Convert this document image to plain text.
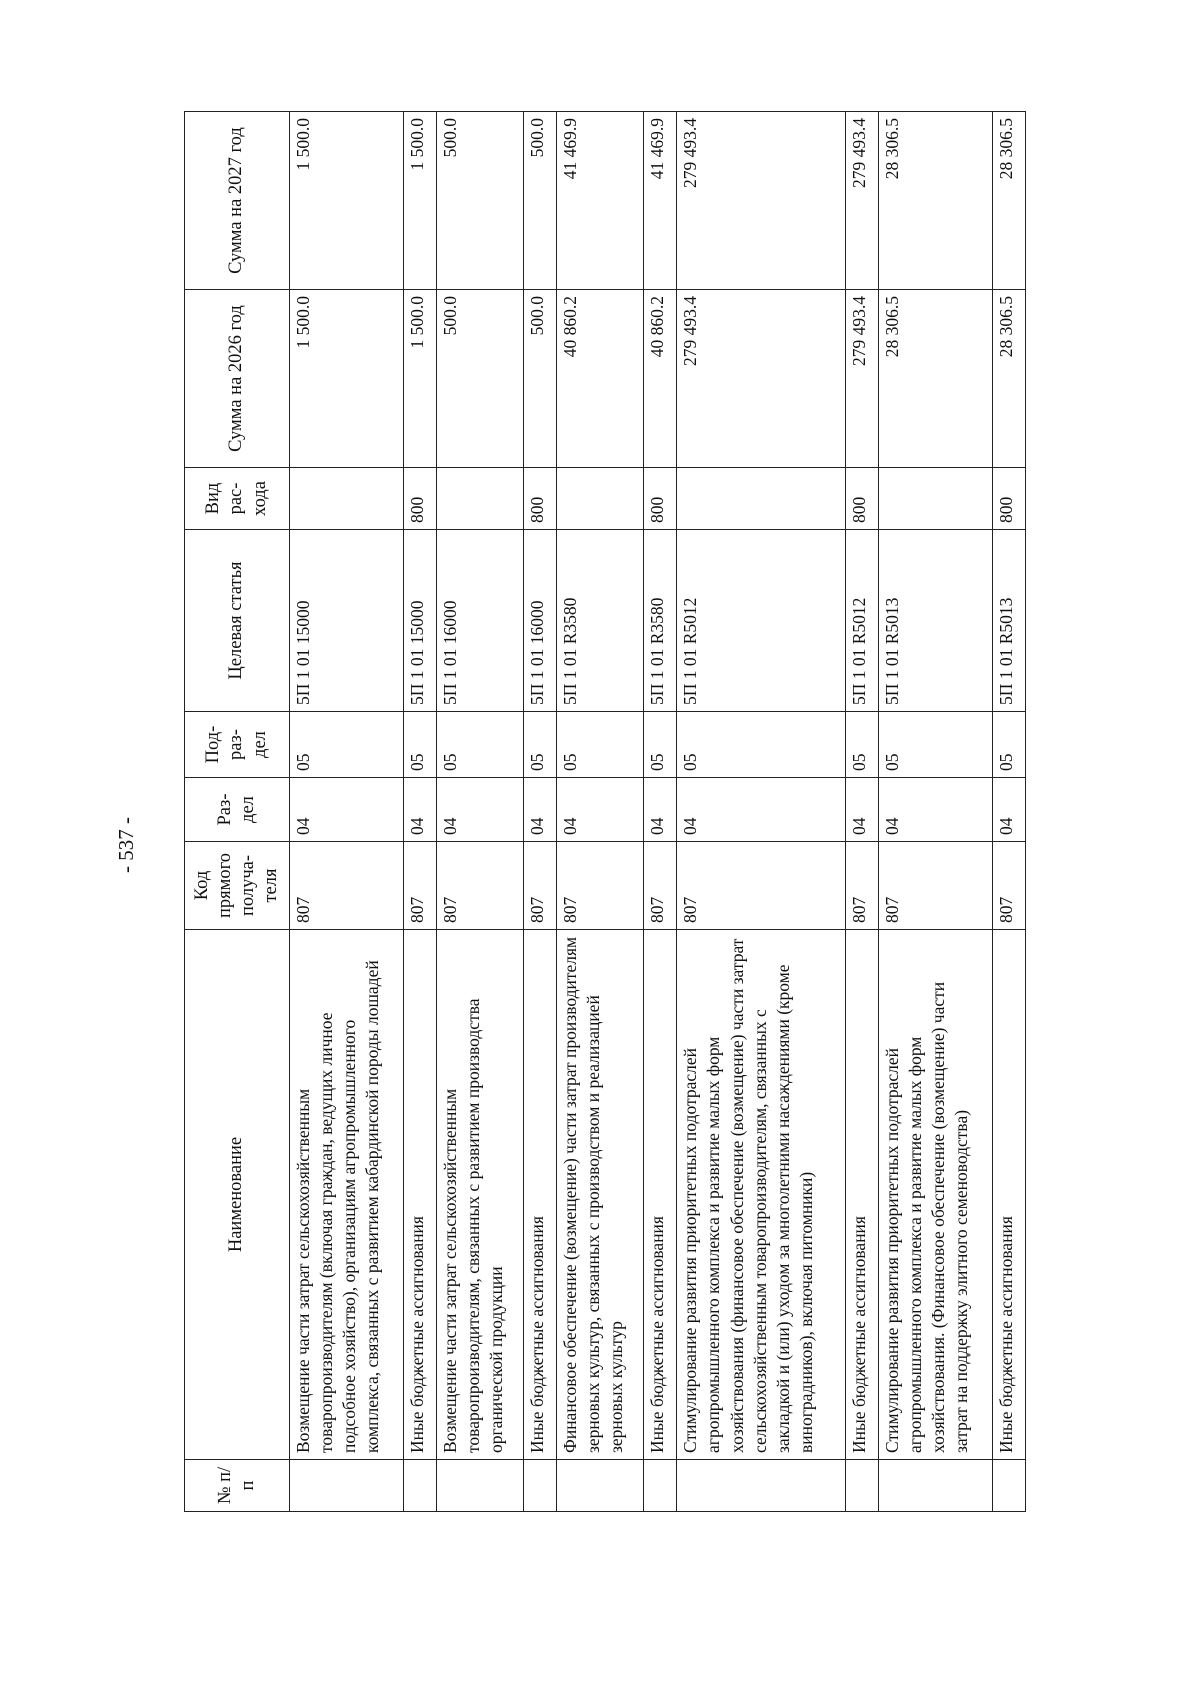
- 537 -
№ п/п	Наименование	Код прямого получа- теля	Раз- дел	Под- раз- дел	Целевая статья	Вид рас- хода	Сумма на 2026 год	Сумма на 2027 год
	Возмещение части затрат сельскохозяйственным товаропроизводителям (включая граждан, ведущих личное подсобное хозяйство), организациям агропромышленного комплекса, связанных с развитием кабардинской породы лошадей	807	04	05	5П 1 01 15000		1 500.0	1 500.0
	Иные бюджетные ассигнования	807	04	05	5П 1 01 15000	800	1 500.0	1 500.0
	Возмещение части затрат сельскохозяйственным товаропроизводителям, связанных с развитием производства органической продукции	807	04	05	5П 1 01 16000		500.0	500.0
	Иные бюджетные ассигнования	807	04	05	5П 1 01 16000	800	500.0	500.0
	Финансовое обеспечение (возмещение) части затрат производителям зерновых культур, связанных с производством и реализацией зерновых культур	807	04	05	5П 1 01 R3580		40 860.2	41 469.9
	Иные бюджетные ассигнования	807	04	05	5П 1 01 R3580	800	40 860.2	41 469.9
	Стимулирование развития приоритетных подотраслей агропромышленного комплекса и развитие малых форм хозяйствования (финансовое обеспечение (возмещение) части затрат сельскохозяйственным товаропроизводителям, связанных с закладкой и (или) уходом за многолетними насаждениями (кроме виноградников), включая питомники)	807	04	05	5П 1 01 R5012		279 493.4	279 493.4
	Иные бюджетные ассигнования	807	04	05	5П 1 01 R5012	800	279 493.4	279 493.4
	Стимулирование развития приоритетных подотраслей агропромышленного комплекса и развитие малых форм хозяйствования. (Финансовое обеспечение (возмещение) части затрат на поддержку элитного семеноводства)	807	04	05	5П 1 01 R5013		28 306.5	28 306.5
	Иные бюджетные ассигнования	807	04	05	5П 1 01 R5013	800	28 306.5	28 306.5
